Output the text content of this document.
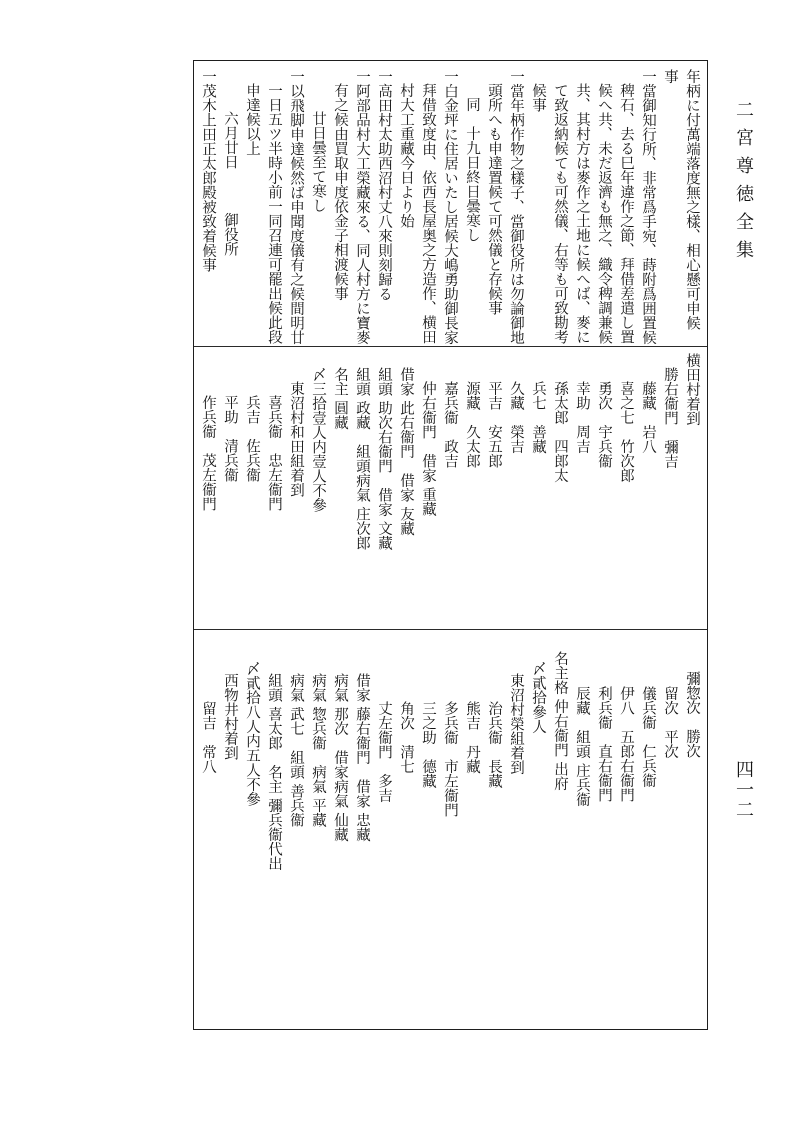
二宮尊徳全集
四一二
年柄に付萬端落度無之樣、相心懸可申候
事
一當御知行所、非常爲手宛、蒔附爲囲置候
稗石、去る巳年違作之節、拜借差遣し置
候へ共、未だ返濟も無之、織令稗調兼候
共、其村方は麥作之土地に候へば、麥に
て致返納候ても可然儀、右等も可致勘考
候事
一當年柄作物之樣子、當御役所は勿論御地
頭所へも申達置候て可然儀と存候事
同　十九日終日曇寒し
一白金坪に住居いたし居候大嶋勇助御長家
拜借致度由、依西長屋奥之方造作、横田
村大工重藏今日より始
一高田村太助西沼村丈八來則刻歸る
一阿部品村大工榮藏來る、同人村方に寶麥
有之候由買取申度依金子相渡候事
廿日曇至て寒し
一以飛脚申達候然ば申聞度儀有之候間明廿
一日五ツ半時小前一同召連可罷出候此段
申達候以上
六月廿日　　　御役所
一茂木上田正太郎殿被致着候事
横田村着到
勝右衞門　彌吉
藤藏　岩八
喜之七　竹次郎
勇次　宇兵衞
幸助　周吉
孫太郎　四郎太
兵七　善藏
久藏　榮吉
平吉　安五郎
源藏　久太郎
嘉兵衞　政吉
仲右衞門　借家 重藏
借家 此右衞門　借家 友藏
組頭 助次右衞門　借家 文藏
組頭 政藏　組頭病氣 庄次郎
名主 圓藏
〆三拾壹人内壹人不參
東沼村和田組着到
喜兵衞　忠左衞門
兵吉　佐兵衞
平助　清兵衞
作兵衞　茂左衞門
彌惣次　勝次
留次　平次
儀兵衞　仁兵衞
伊八　五郎右衞門
利兵衞　直右衞門
辰藏　組頭 庄兵衞
名主格 仲右衞門 出府
〆貳拾參人
東沼村榮組着到
治兵衞　長藏
熊吉　丹藏
多兵衞　市左衞門
三之助　德藏
角次　清七
丈左衞門　多吉
借家 藤右衞門　借家 忠藏
病氣 那次　借家病氣 仙藏
病氣 惣兵衞　病氣 平藏
病氣 武七　組頭 善兵衞
組頭 喜太郎　名主 彌兵衞代出
〆貳拾八人内五人不參
西物井村着到
留吉　常八
